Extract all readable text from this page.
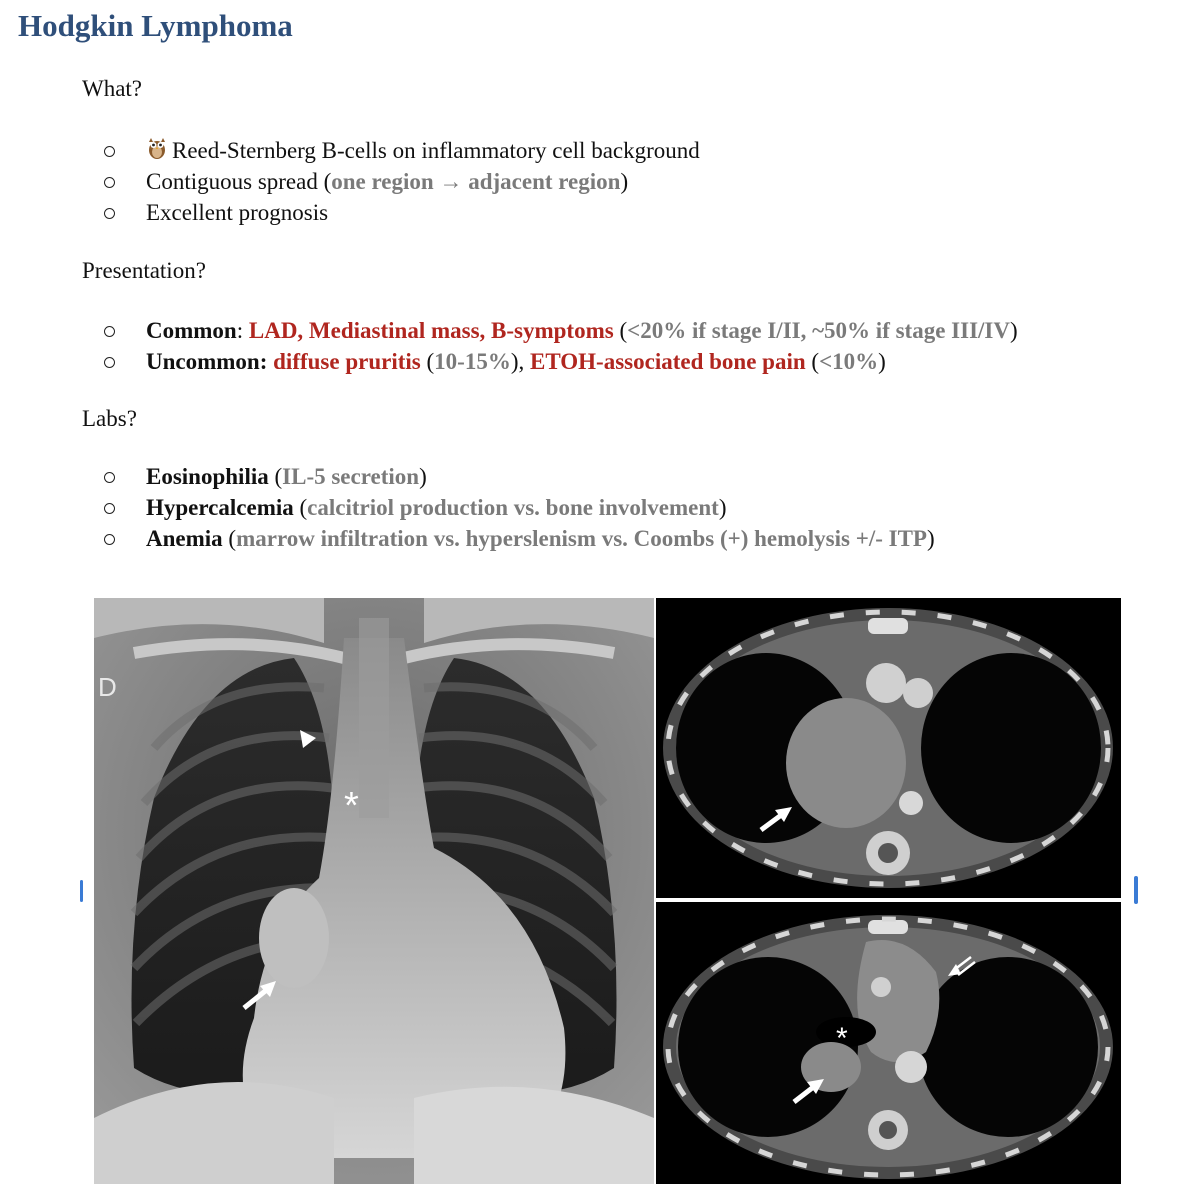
Hodgkin Lymphoma
What?
Reed-Sternberg B-cells on inflammatory cell background
Contiguous spread (one region → adjacent region)
Excellent prognosis
Presentation?
Common: LAD, Mediastinal mass, B-symptoms (<20% if stage I/II, ~50% if stage III/IV)
Uncommon: diffuse pruritis (10-15%), ETOH-associated bone pain (<10%)
Labs?
Eosinophilia (IL-5 secretion)
Hypercalcemia (calcitriol production vs. bone involvement)
Anemia (marrow infiltration vs. hyperslenism vs. Coombs (+) hemolysis +/- ITP)
D
*
*
